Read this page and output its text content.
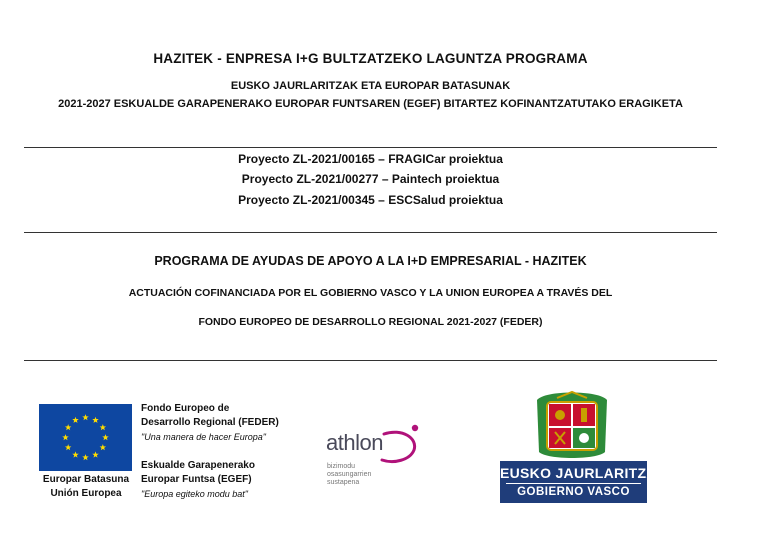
HAZITEK - ENPRESA I+G BULTZATZEKO LAGUNTZA PROGRAMA
EUSKO JAURLARITZAK ETA EUROPAR BATASUNAK
2021-2027 ESKUALDE GARAPENERAKO EUROPAR FUNTSAREN (EGEF) BITARTEZ KOFINANTZATUTAKO ERAGIKETA
Proyecto ZL-2021/00165 – FRAGICar proiektua
Proyecto ZL-2021/00277 – Paintech proiektua
Proyecto ZL-2021/00345 – ESCSalud proiektua
PROGRAMA DE AYUDAS DE APOYO A LA I+D EMPRESARIAL - HAZITEK
ACTUACIÓN COFINANCIADA POR EL GOBIERNO VASCO Y LA UNION EUROPEA A TRAVÉS DEL
FONDO EUROPEO DE DESARROLLO REGIONAL 2021-2027 (FEDER)
Europar Batasuna
Unión Europea
Fondo Europeo de
Desarrollo Regional (FEDER)
"Una manera de hacer Europa"
Eskualde Garapenerako
Europar Funtsa (EGEF)
"Europa egiteko modu bat"
athlon
bizimodu
osasungarrien
sustapena
EUSKO JAURLARITZA
GOBIERNO VASCO
